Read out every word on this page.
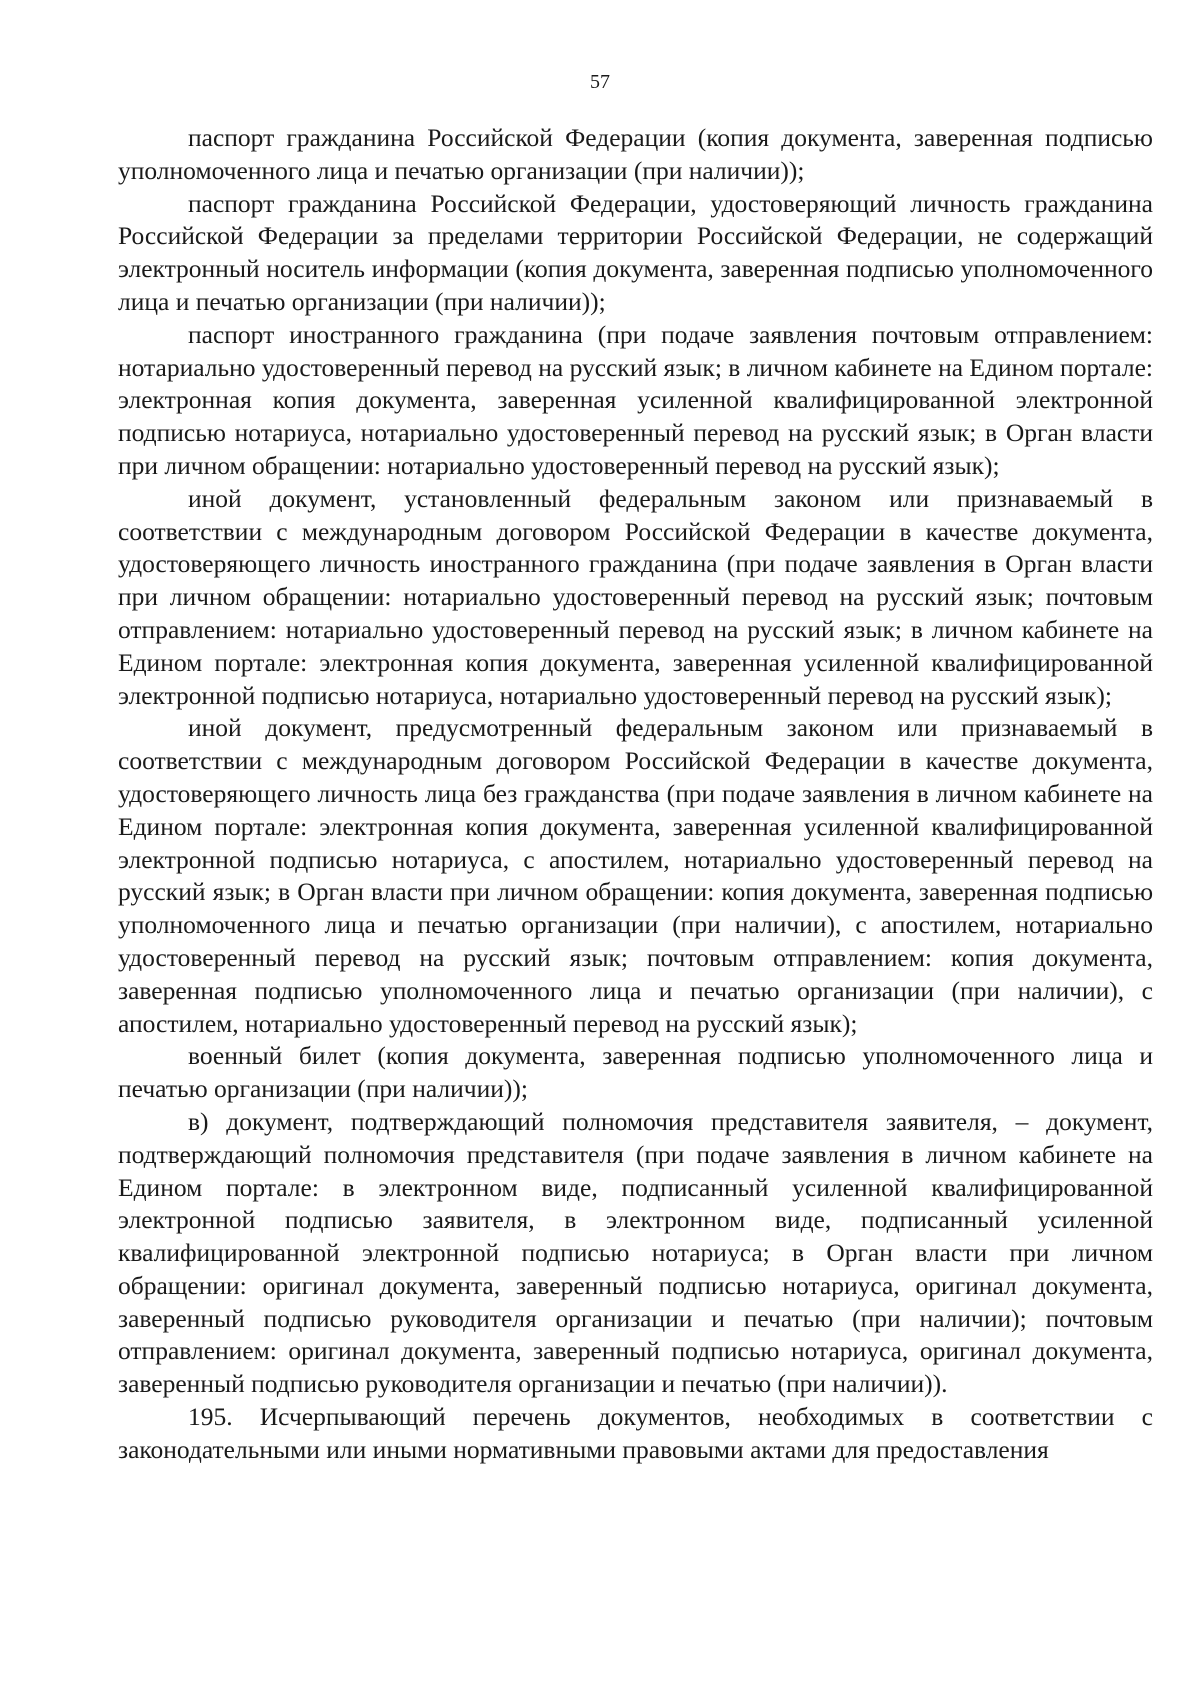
57

паспорт гражданина Российской Федерации (копия документа, заверенная подписью уполномоченного лица и печатью организации (при наличии));

паспорт гражданина Российской Федерации, удостоверяющий личность гражданина Российской Федерации за пределами территории Российской Федерации, не содержащий электронный носитель информации (копия документа, заверенная подписью уполномоченного лица и печатью организации (при наличии));

паспорт иностранного гражданина (при подаче заявления почтовым отправлением: нотариально удостоверенный перевод на русский язык; в личном кабинете на Едином портале: электронная копия документа, заверенная усиленной квалифицированной электронной подписью нотариуса, нотариально удостоверенный перевод на русский язык; в Орган власти при личном обращении: нотариально удостоверенный перевод на русский язык);

иной документ, установленный федеральным законом или признаваемый в соответствии с международным договором Российской Федерации в качестве документа, удостоверяющего личность иностранного гражданина (при подаче заявления в Орган власти при личном обращении: нотариально удостоверенный перевод на русский язык; почтовым отправлением: нотариально удостоверенный перевод на русский язык; в личном кабинете на Едином портале: электронная копия документа, заверенная усиленной квалифицированной электронной подписью нотариуса, нотариально удостоверенный перевод на русский язык);

иной документ, предусмотренный федеральным законом или признаваемый в соответствии с международным договором Российской Федерации в качестве документа, удостоверяющего личность лица без гражданства (при подаче заявления в личном кабинете на Едином портале: электронная копия документа, заверенная усиленной квалифицированной электронной подписью нотариуса, с апостилем, нотариально удостоверенный перевод на русский язык; в Орган власти при личном обращении: копия документа, заверенная подписью уполномоченного лица и печатью организации (при наличии), с апостилем, нотариально удостоверенный перевод на русский язык; почтовым отправлением: копия документа, заверенная подписью уполномоченного лица и печатью организации (при наличии), с апостилем, нотариально удостоверенный перевод на русский язык);

военный билет (копия документа, заверенная подписью уполномоченного лица и печатью организации (при наличии));

в) документ, подтверждающий полномочия представителя заявителя, – документ, подтверждающий полномочия представителя (при подаче заявления в личном кабинете на Едином портале: в электронном виде, подписанный усиленной квалифицированной электронной подписью заявителя, в электронном виде, подписанный усиленной квалифицированной электронной подписью нотариуса; в Орган власти при личном обращении: оригинал документа, заверенный подписью нотариуса, оригинал документа, заверенный подписью руководителя организации и печатью (при наличии); почтовым отправлением: оригинал документа, заверенный подписью нотариуса, оригинал документа, заверенный подписью руководителя организации и печатью (при наличии)).

195. Исчерпывающий перечень документов, необходимых в соответствии с законодательными или иными нормативными правовыми актами для предоставления
